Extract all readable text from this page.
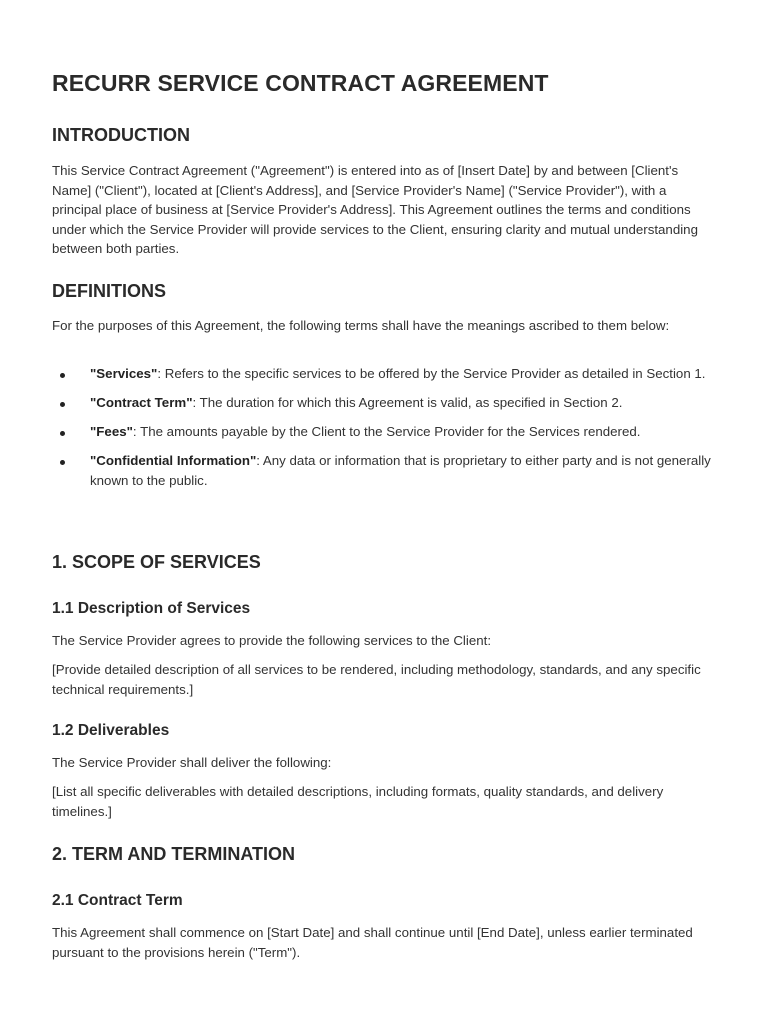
RECURR SERVICE CONTRACT AGREEMENT
INTRODUCTION

This Service Contract Agreement ("Agreement") is entered into as of [Insert Date] by and between [Client's Name] ("Client"), located at [Client's Address], and [Service Provider's Name] ("Service Provider"), with a principal place of business at [Service Provider's Address]. This Agreement outlines the terms and conditions under which the Service Provider will provide services to the Client, ensuring clarity and mutual understanding between both parties.

DEFINITIONS

For the purposes of this Agreement, the following terms shall have the meanings ascribed to them below:

"Services": Refers to the specific services to be offered by the Service Provider as detailed in Section 1.
"Contract Term": The duration for which this Agreement is valid, as specified in Section 2.
"Fees": The amounts payable by the Client to the Service Provider for the Services rendered.
"Confidential Information": Any data or information that is proprietary to either party and is not generally known to the public.
1. SCOPE OF SERVICES
1.1 Description of Services

The Service Provider agrees to provide the following services to the Client:

[Provide detailed description of all services to be rendered, including methodology, standards, and any specific technical requirements.]

1.2 Deliverables

The Service Provider shall deliver the following:

[List all specific deliverables with detailed descriptions, including formats, quality standards, and delivery timelines.]

2. TERM AND TERMINATION
2.1 Contract Term

This Agreement shall commence on [Start Date] and shall continue until [End Date], unless earlier terminated pursuant to the provisions herein ("Term").
